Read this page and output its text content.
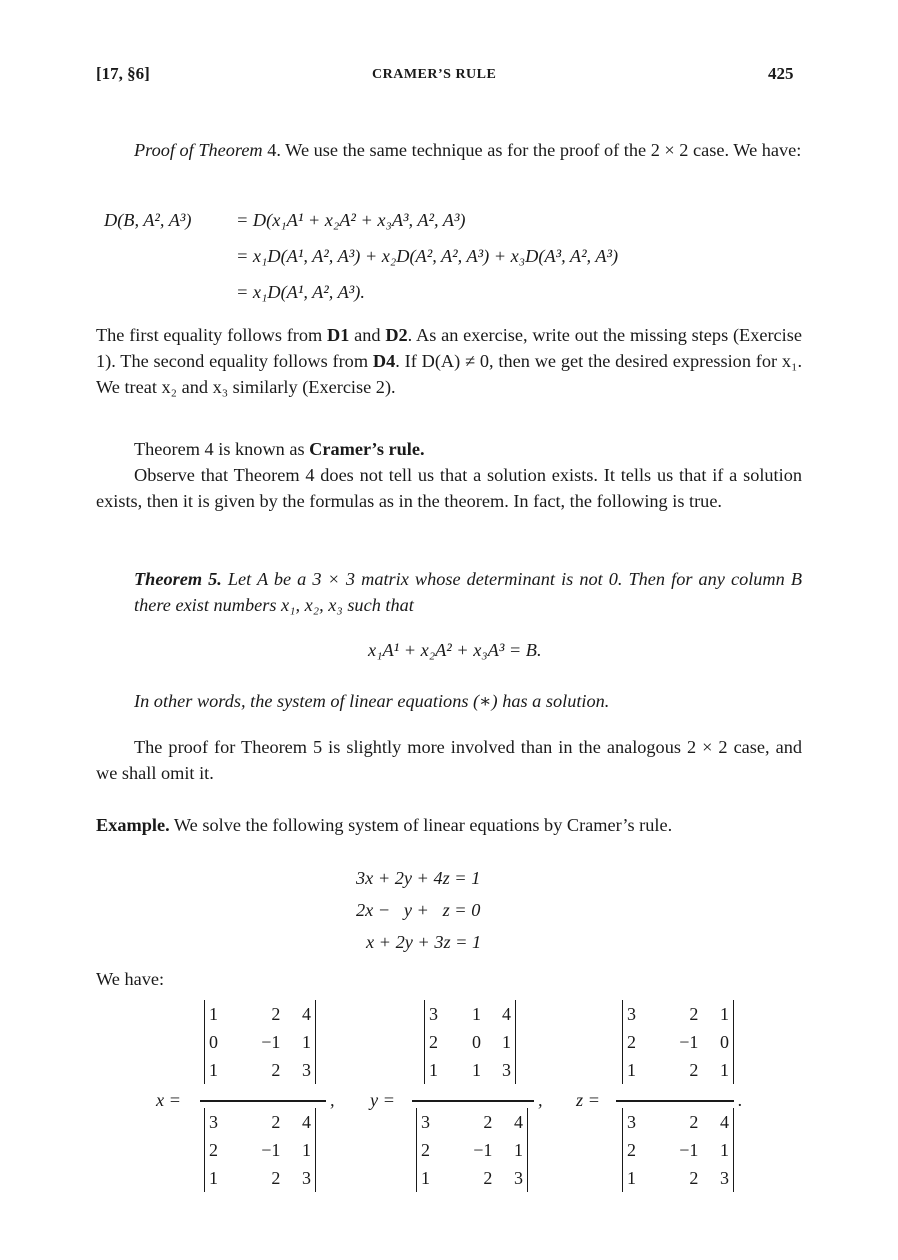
[17, §6]	CRAMER’S RULE	425
Proof of Theorem 4. We use the same technique as for the proof of the 2 × 2 case. We have:
D(B, A², A³) = D(x₁A¹ + x₂A² + x₃A³, A², A³)
= x₁D(A¹, A², A³) + x₂D(A², A², A³) + x₃D(A³, A², A³)
= x₁D(A¹, A², A³).
The first equality follows from D1 and D2. As an exercise, write out the missing steps (Exercise 1). The second equality follows from D4. If D(A) ≠ 0, then we get the desired expression for x₁. We treat x₂ and x₃ similarly (Exercise 2).
Theorem 4 is known as Cramer’s rule.
Observe that Theorem 4 does not tell us that a solution exists. It tells us that if a solution exists, then it is given by the formulas as in the theorem. In fact, the following is true.
Theorem 5. Let A be a 3 × 3 matrix whose determinant is not 0. Then for any column B there exist numbers x₁, x₂, x₃ such that
x₁A¹ + x₂A² + x₃A³ = B.
In other words, the system of linear equations (∗) has a solution.
The proof for Theorem 5 is slightly more involved than in the analogous 2 × 2 case, and we shall omit it.
Example. We solve the following system of linear equations by Cramer’s rule.
3x + 2y + 4z = 1
2x −   y +   z = 0
x + 2y + 3z = 1
We have:
x =
1	2	4
0	−1	1
1	2	3
,
3	2	4
2	−1	1
1	2	3
y =
3	1	4
2	0	1
1	1	3
,
3	2	4
2	−1	1
1	2	3
z =
3	2	1
2	−1	0
1	2	1
.
3	2	4
2	−1	1
1	2	3
